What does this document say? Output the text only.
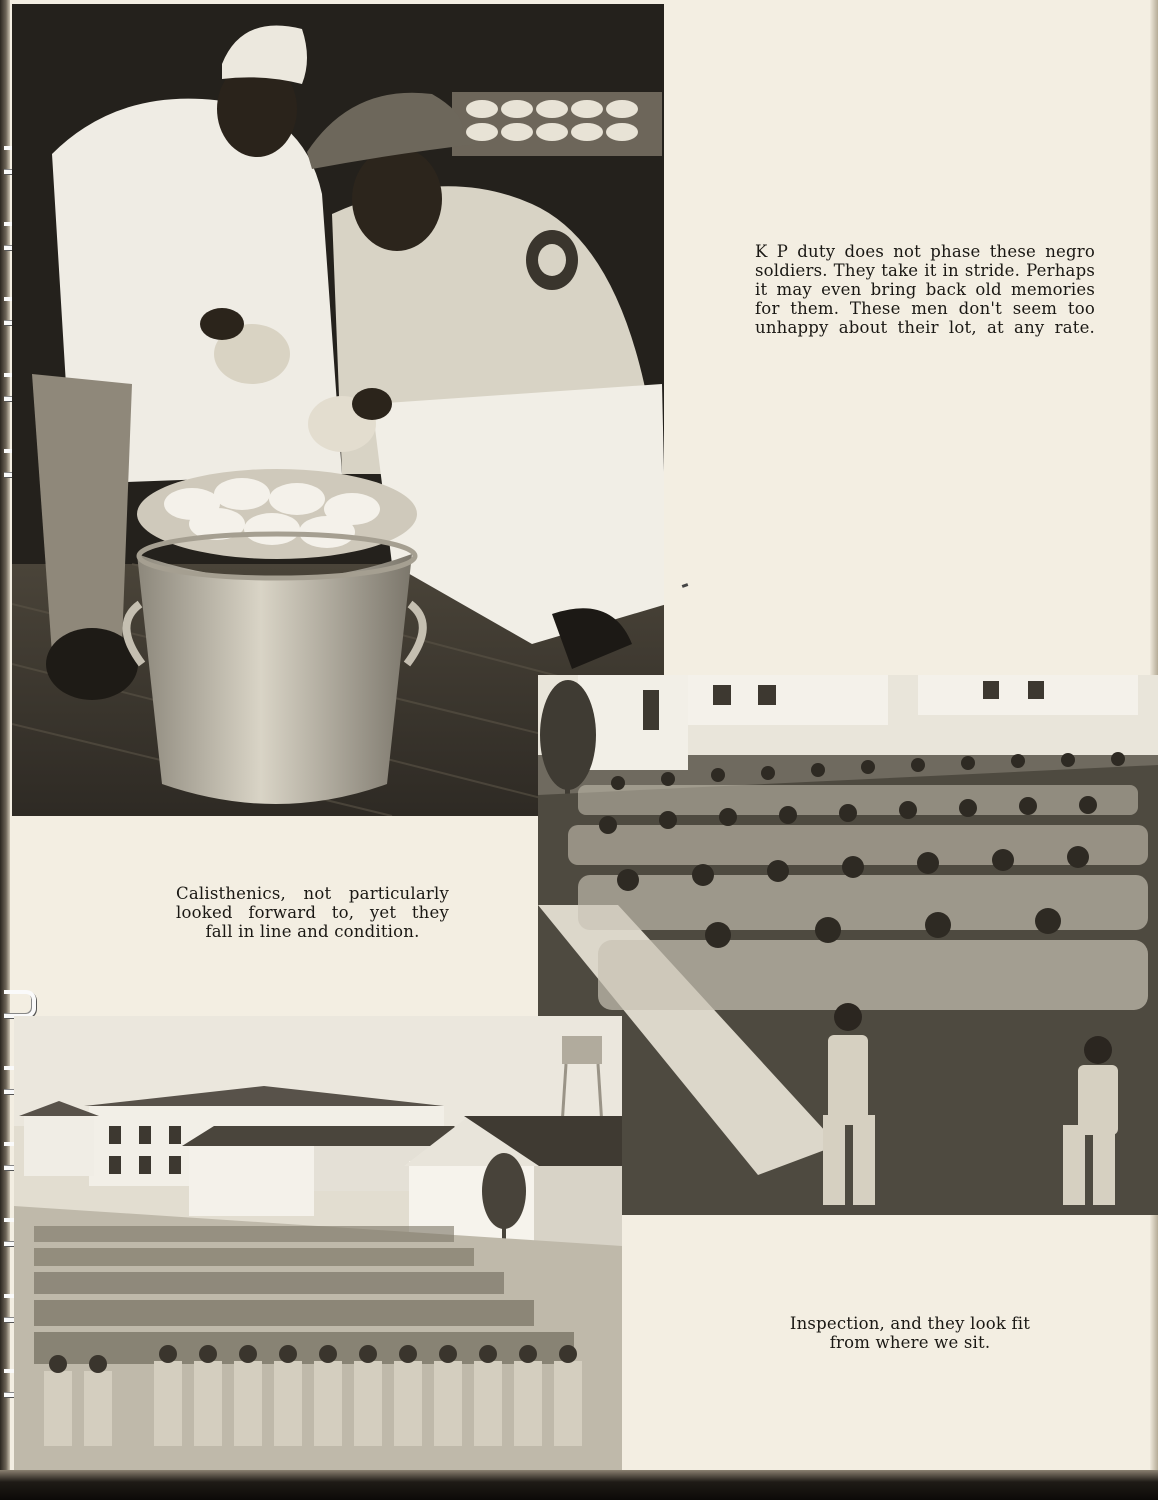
K P duty does not phase these negro
soldiers. They take it in stride. Perhaps
it may even bring back old memories
for them. These men don't seem too
unhappy about their lot, at any rate.
Calisthenics, not particularly
looked forward to, yet they
fall in line and condition.
Inspection, and they look fit
from where we sit.
